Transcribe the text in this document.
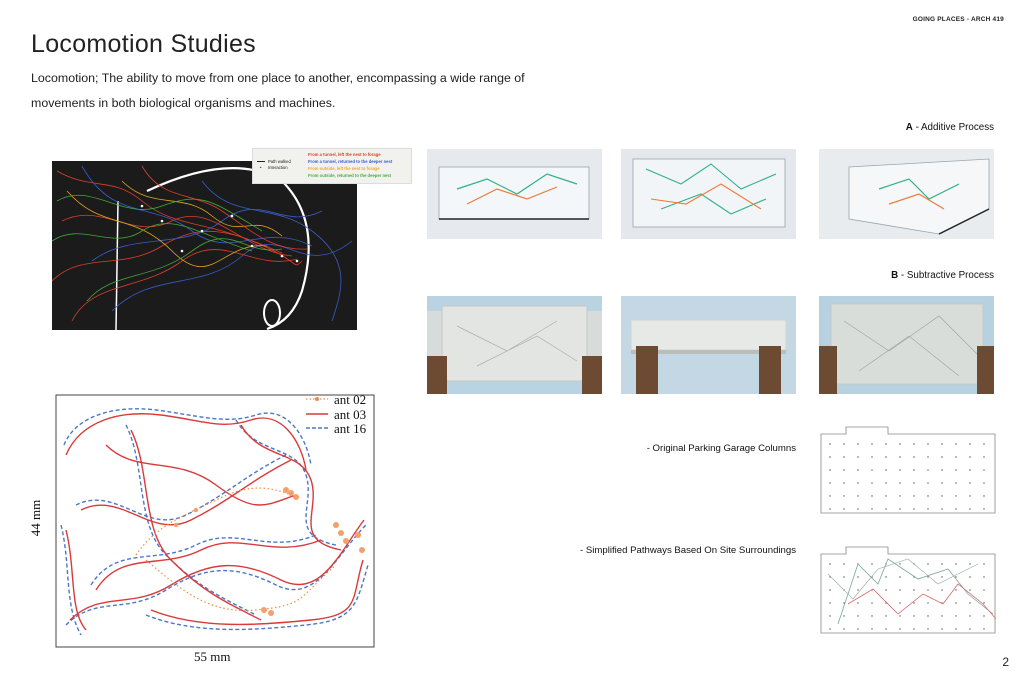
GOING PLACES - ARCH 419
Locomotion Studies
Locomotion; The ability to move from one place to another, encompassing a wide range of movements in both biological organisms and machines.
Path walked
• Interaction
From a tunnel, left the nest to forage
From a tunnel, returned to the deeper nest
From outside, left the nest to forage
From outside, returned to the deeper nest
ant 02
ant 03
ant 16
55 mm
44 mm
A - Additive Process
B - Subtractive Process
- Original Parking Garage Columns
- Simplified Pathways Based On Site Surroundings
2
